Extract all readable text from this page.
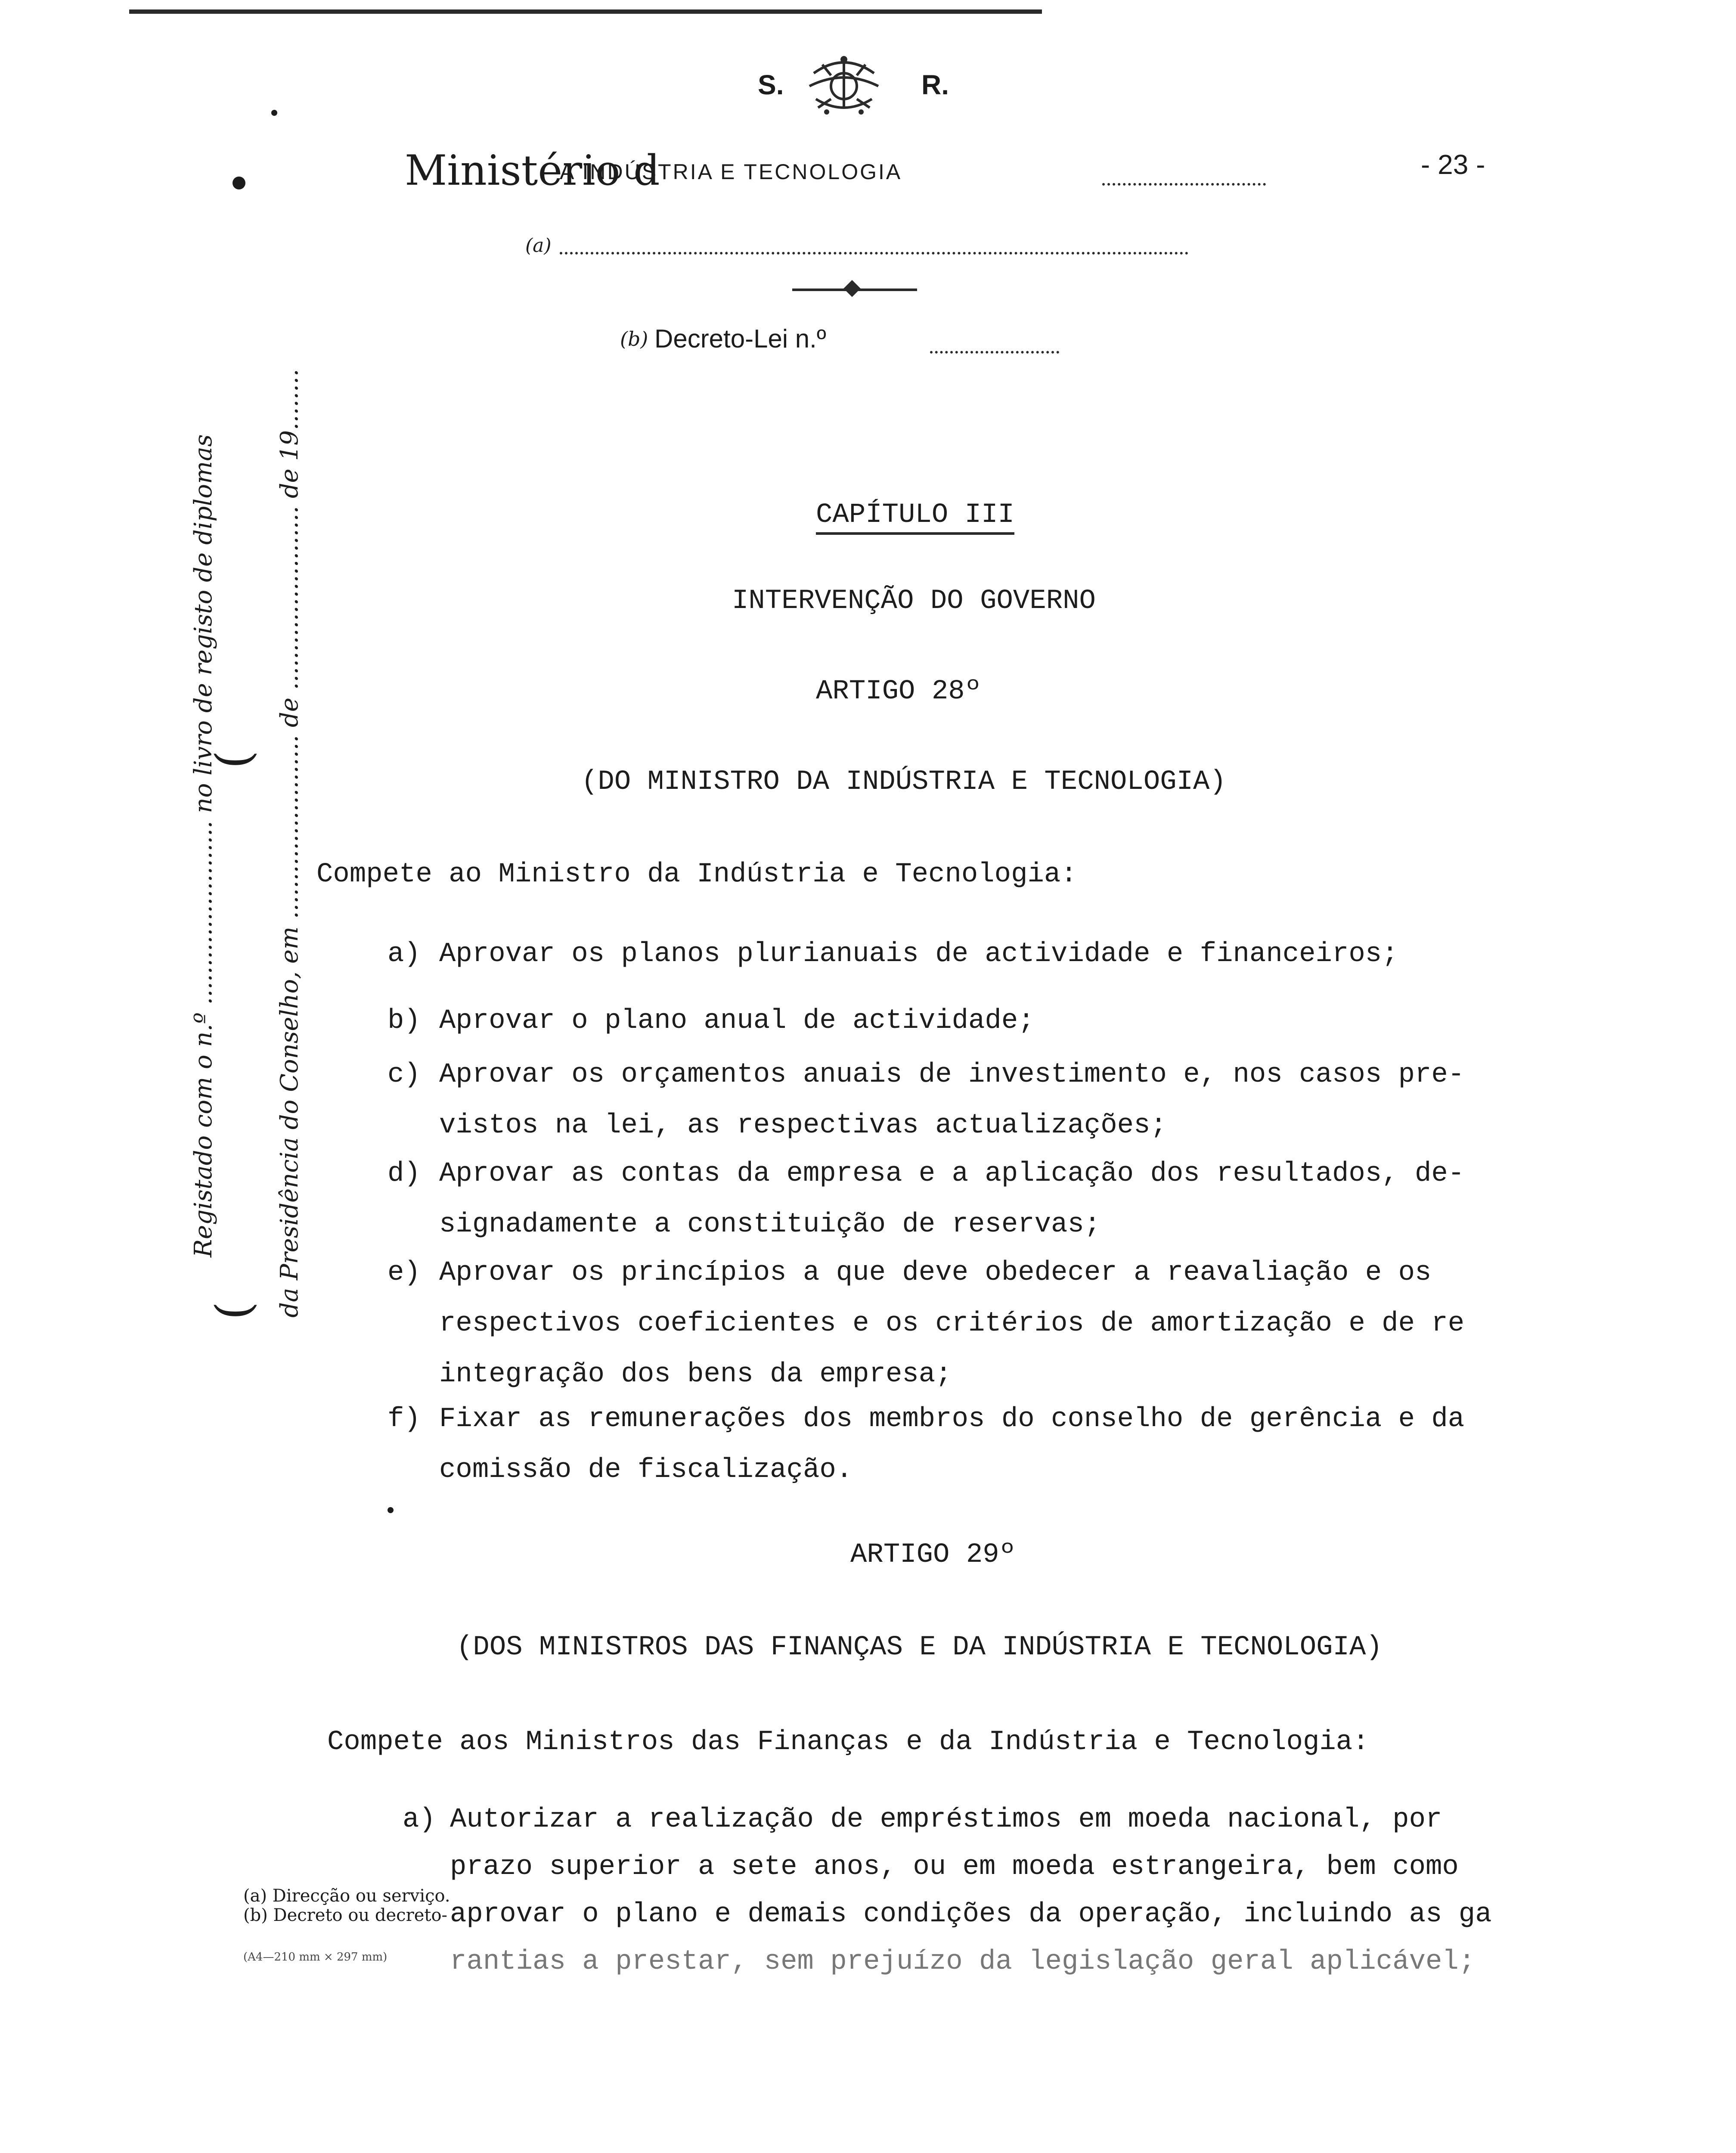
S.	R.
Ministério d
A INDÚSTRIA E TECNOLOGIA	- 23 -
(a)
(b) Decreto-Lei n.º
Registado com o n.º ........................ no livro de registo de diplomas da Presidência do Conselho, em ........................ de ........................ de 19........
(
(
CAPÍTULO III
INTERVENÇÃO DO GOVERNO
ARTIGO 28º
(DO MINISTRO DA INDÚSTRIA E TECNOLOGIA)
Compete ao Ministro da Indústria e Tecnologia:
a) Aprovar os planos plurianuais de actividade e financeiros;
b) Aprovar o plano anual de actividade;
c) Aprovar os orçamentos anuais de investimento e, nos casos pre-
vistos na lei, as respectivas actualizações;
d) Aprovar as contas da empresa e a aplicação dos resultados, de-
signadamente a constituição de reservas;
e) Aprovar os princípios a que deve obedecer a reavaliação e os
respectivos coeficientes e os critérios de amortização e de re
integração dos bens da empresa;
f) Fixar as remunerações dos membros do conselho de gerência e da
comissão de fiscalização.
ARTIGO 29º
(DOS MINISTROS DAS FINANÇAS E DA INDÚSTRIA E TECNOLOGIA)
Compete aos Ministros das Finanças e da Indústria e Tecnologia:
a) Autorizar a realização de empréstimos em moeda nacional, por
prazo superior a sete anos, ou em moeda estrangeira, bem como
aprovar o plano e demais condições da operação, incluindo as ga
rantias a prestar, sem prejuízo da legislação geral aplicável;
(a) Direcção ou serviço.
(b) Decreto ou decreto-
(A4—210 mm × 297 mm)
